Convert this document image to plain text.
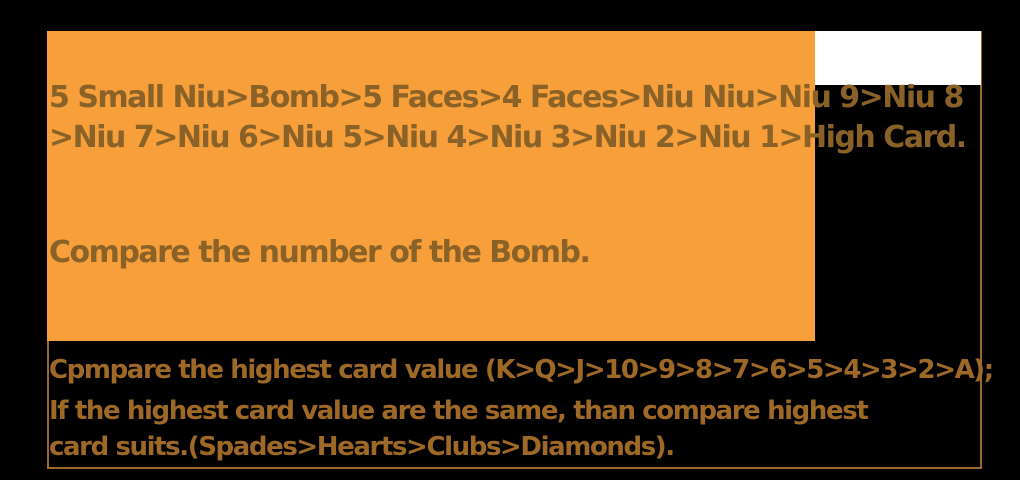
5 Small Niu>Bomb>5 Faces>4 Faces>Niu Niu>Niu 9>Niu 8
>Niu 7>Niu 6>Niu 5>Niu 4>Niu 3>Niu 2>Niu 1>High Card.
Compare the number of the Bomb.
Cpmpare the highest card value (K>Q>J>10>9>8>7>6>5>4>3>2>A);
If the highest card value are the same, than compare highest
card suits.(Spades>Hearts>Clubs>Diamonds).
